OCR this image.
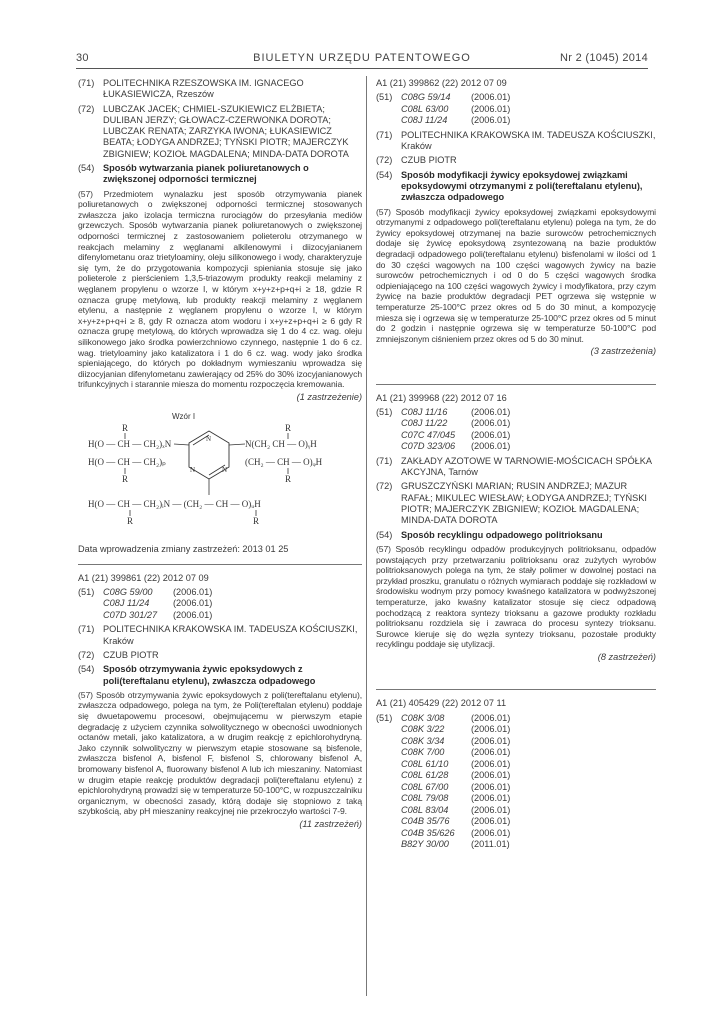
30	BIULETYN URZĘDU PATENTOWEGO	Nr 2 (1045) 2014
(71) POLITECHNIKA RZESZOWSKA IM. IGNACEGO ŁUKASIEWICZA, Rzeszów
(72) LUBCZAK JACEK; CHMIEL-SZUKIEWICZ ELŻBIETA; DULIBAN JERZY; GŁOWACZ-CZERWONKA DOROTA; LUBCZAK RENATA; ZARZYKA IWONA; ŁUKASIEWICZ BEATA; ŁODYGA ANDRZEJ; TYŃSKI PIOTR; MAJERCZYK ZBIGNIEW; KOZIOŁ MAGDALENA; MINDA-DATA DOROTA
(54) Sposób wytwarzania pianek poliuretanowych o zwiększonej odporności termicznej
(57) Przedmiotem wynalazku jest sposób otrzymywania pianek poliuretanowych o zwiększonej odporności termicznej stosowanych zwłaszcza jako izolacja termiczna rurociągów do przesyłania mediów grzewczych. Sposób wytwarzania pianek poliuretanowych o zwiększonej odporności termicznej z zastosowaniem polieterolu otrzymanego w reakcjach melaminy z węglanami alkilenowymi i diizocyjanianem difenylometanu oraz trietyloaminy, oleju silikonowego i wody, charakteryzuje się tym, że do przygotowania kompozycji spieniania stosuje się jako polieterole z pierścieniem 1,3,5-triazowym produkty reakcji melaminy z węglanem propylenu o wzorze I, w którym x+y+z+p+q+i ≥ 18, gdzie R oznacza grupę metylową, lub produkty reakcji melaminy z węglanem etylenu, a następnie z węglanem propylenu o wzorze I, w którym x+y+z+p+q+i ≥ 8, gdy R oznacza atom wodoru i x+y+z+p+q+i ≥ 6 gdy R oznacza grupę metylową, do których wprowadza się 1 do 4 cz. wag. oleju silikonowego jako środka powierzchniowo czynnego, następnie 1 do 6 cz. wag. trietyloaminy jako katalizatora i 1 do 6 cz. wag. wody jako środka spieniającego, do których po dokładnym wymieszaniu wprowadza się diizocyjanian difenylometanu zawierający od 25% do 30% izocyjanianowych trifunkcyjnych i starannie miesza do momentu rozpoczęcia kremowania.
(1 zastrzeżenie)
Wzór I
R
H(O — CH — CH₂)ₓN
H(O — CH — CH₂)ₚ
R
R
N(CH₂ CH — O)ᵧH
(CH₂ — CH — O)ᵩH
R
N
N	N
H(O — CH — CH₂)ᵢN — (CH₂ — CH — O)ᵤH
R	R
Data wprowadzenia zmiany zastrzeżeń: 2013 01 25
A1 (21) 399861 (22) 2012 07 09
(51) C08G 59/00 (2006.01)
C08J 11/24	(2006.01)
C07D 301/27 (2006.01)
(71) POLITECHNIKA KRAKOWSKA IM. TADEUSZA KOŚCIUSZKI, Kraków
(72) CZUB PIOTR
(54) Sposób otrzymywania żywic epoksydowych z poli(tereftalanu etylenu), zwłaszcza odpadowego
(57) Sposób otrzymywania żywic epoksydowych z poli(tereftalanu etylenu), zwłaszcza odpadowego, polega na tym, że Poli(tereftalan etylenu) poddaje się dwuetapowemu procesowi, obejmującemu w pierwszym etapie degradację z użyciem czynnika solwolitycznego w obecności uwodnionych octanów metali, jako katalizatora, a w drugim reakcję z epichlorohydryną. Jako czynnik solwolityczny w pierwszym etapie stosowane są bisfenole, zwłaszcza bisfenol A, bisfenol F, bisfenol S, chlorowany bisfenol A, bromowany bisfenol A, fluorowany bisfenol A lub ich mieszaniny. Natomiast w drugim etapie reakcję produktów degradacji poli(tereftalanu etylenu) z epichlorohydryną prowadzi się w temperaturze 50-100°C, w rozpuszczalniku organicznym, w obecności zasady, którą dodaje się stopniowo z taką szybkością, aby pH mieszaniny reakcyjnej nie przekroczyło wartości 7-9.
(11 zastrzeżeń)
A1 (21) 399862 (22) 2012 07 09
(51) C08G 59/14 (2006.01)
C08L 63/00 (2006.01)
C08J 11/24	(2006.01)
(71) POLITECHNIKA KRAKOWSKA IM. TADEUSZA KOŚCIUSZKI, Kraków
(72) CZUB PIOTR
(54) Sposób modyfikacji żywicy epoksydowej związkami epoksydowymi otrzymanymi z poli(tereftalanu etylenu), zwłaszcza odpadowego
(57) Sposób modyfikacji żywicy epoksydowej związkami epoksydowymi otrzymanymi z odpadowego poli(tereftalanu etylenu) polega na tym, że do żywicy epoksydowej otrzymanej na bazie surowców petrochemicznych dodaje się żywicę epoksydową zsyntezowaną na bazie produktów degradacji odpadowego poli(tereftalanu etylenu) bisfenolami w ilości od 1 do 30 części wagowych na 100 części wagowych żywicy na bazie surowców petrochemicznych i od 0 do 5 części wagowych środka odpieniającego na 100 części wagowych żywicy i modyfikatora, przy czym żywicę na bazie produktów degradacji PET ogrzewa się wstępnie w temperaturze 25-100°C przez okres od 5 do 30 minut, a kompozycję miesza się i ogrzewa się w temperaturze 25-100°C przez okres od 5 minut do 2 godzin i następnie ogrzewa się w temperaturze 50-100°C pod zmniejszonym ciśnieniem przez okres od 5 do 30 minut.
(3 zastrzeżenia)
A1 (21) 399968 (22) 2012 07 16
(51) C08J 11/16	(2006.01)
C08J 11/22	(2006.01)
C07C 47/045 (2006.01)
C07D 323/06 (2006.01)
(71) ZAKŁADY AZOTOWE W TARNOWIE-MOŚCICACH SPÓŁKA AKCYJNA, Tarnów
(72) GRUSZCZYŃSKI MARIAN; RUSIN ANDRZEJ; MAZUR RAFAŁ; MIKULEC WIESŁAW; ŁODYGA ANDRZEJ; TYŃSKI PIOTR; MAJERCZYK ZBIGNIEW; KOZIOŁ MAGDALENA; MINDA-DATA DOROTA
(54) Sposób recyklingu odpadowego politrioksanu
(57) Sposób recyklingu odpadów produkcyjnych politrioksanu, odpadów powstających przy przetwarzaniu politrioksanu oraz zużytych wyrobów politrioksanowych polega na tym, że stały polimer w dowolnej postaci na przykład proszku, granulatu o różnych wymiarach poddaje się rozkładowi w środowisku wodnym przy pomocy kwaśnego katalizatora w podwyższonej temperaturze, jako kwaśny katalizator stosuje się ciecz odpadową pochodzącą z reaktora syntezy trioksanu a gazowe produkty rozkładu politrioksanu rozdziela się i zawraca do procesu syntezy trioksanu. Surowce kieruje się do węzła syntezy trioksanu, pozostałe produkty recyklingu poddaje się utylizacji.
(8 zastrzeżeń)
A1 (21) 405429 (22) 2012 07 11
(51) C08K 3/08	(2006.01)
C08K 3/22	(2006.01)
C08K 3/34	(2006.01)
C08K 7/00	(2006.01)
C08L 61/10 (2006.01)
C08L 61/28 (2006.01)
C08L 67/00 (2006.01)
C08L 79/08 (2006.01)
C08L 83/04 (2006.01)
C04B 35/76 (2006.01)
C04B 35/626 (2006.01)
B82Y 30/00 (2011.01)
